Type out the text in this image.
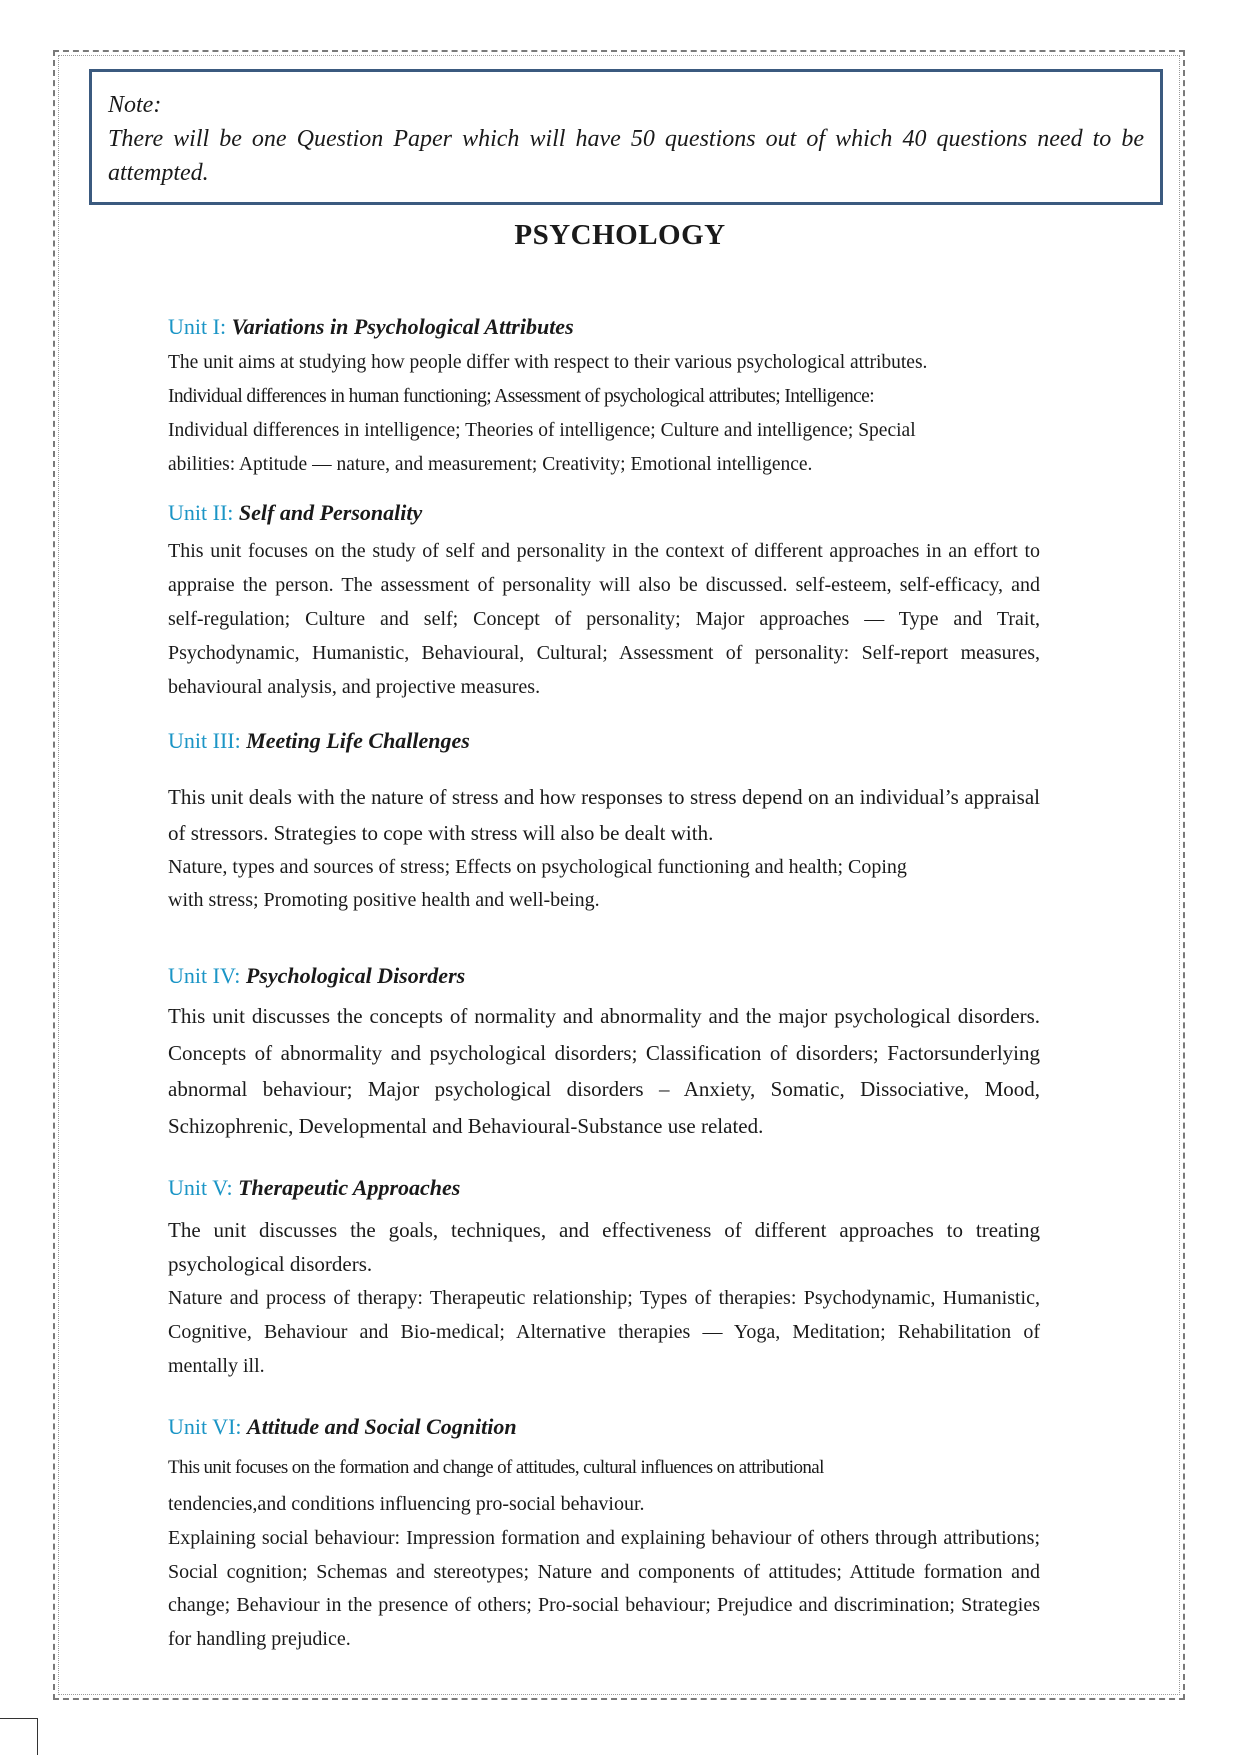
Note:

There will be one Question Paper which will have 50 questions out of which 40 questions need to be attempted.

PSYCHOLOGY
Unit I: Variations in Psychological Attributes

The unit aims at studying how people differ with respect to their various psychological attributes.

Individual differences in human functioning; Assessment of psychological attributes; Intelligence:

Individual differences in intelligence; Theories of intelligence; Culture and intelligence; Special

abilities: Aptitude — nature, and measurement; Creativity; Emotional intelligence.

Unit II: Self and Personality

This unit focuses on the study of self and personality in the context of different approaches in an effort to appraise the person. The assessment of personality will also be discussed. self-esteem, self-efficacy, and self-regulation; Culture and self; Concept of personality; Major approaches — Type and Trait, Psychodynamic, Humanistic, Behavioural, Cultural; Assessment of personality: Self-report measures, behavioural analysis, and projective measures.

Unit III: Meeting Life Challenges

This unit deals with the nature of stress and how responses to stress depend on an individual’s appraisal of stressors. Strategies to cope with stress will also be dealt with.

Nature, types and sources of stress; Effects on psychological functioning and health; Coping

with stress; Promoting positive health and well-being.

Unit IV: Psychological Disorders

This unit discusses the concepts of normality and abnormality and the major psychological disorders. Concepts of abnormality and psychological disorders; Classification of disorders; Factorsunderlying abnormal behaviour; Major psychological disorders – Anxiety, Somatic, Dissociative, Mood, Schizophrenic, Developmental and Behavioural-Substance use related.

Unit V: Therapeutic Approaches

The unit discusses the goals, techniques, and effectiveness of different approaches to treating psychological disorders.

Nature and process of therapy: Therapeutic relationship; Types of therapies: Psychodynamic, Humanistic, Cognitive, Behaviour and Bio-medical; Alternative therapies — Yoga, Meditation; Rehabilitation of mentally ill.

Unit VI: Attitude and Social Cognition

This unit focuses on the formation and change of attitudes, cultural influences on attributional

tendencies,and conditions influencing pro-social behaviour.

Explaining social behaviour: Impression formation and explaining behaviour of others through attributions; Social cognition; Schemas and stereotypes; Nature and components of attitudes; Attitude formation and change; Behaviour in the presence of others; Pro-social behaviour; Prejudice and discrimination; Strategies for handling prejudice.
